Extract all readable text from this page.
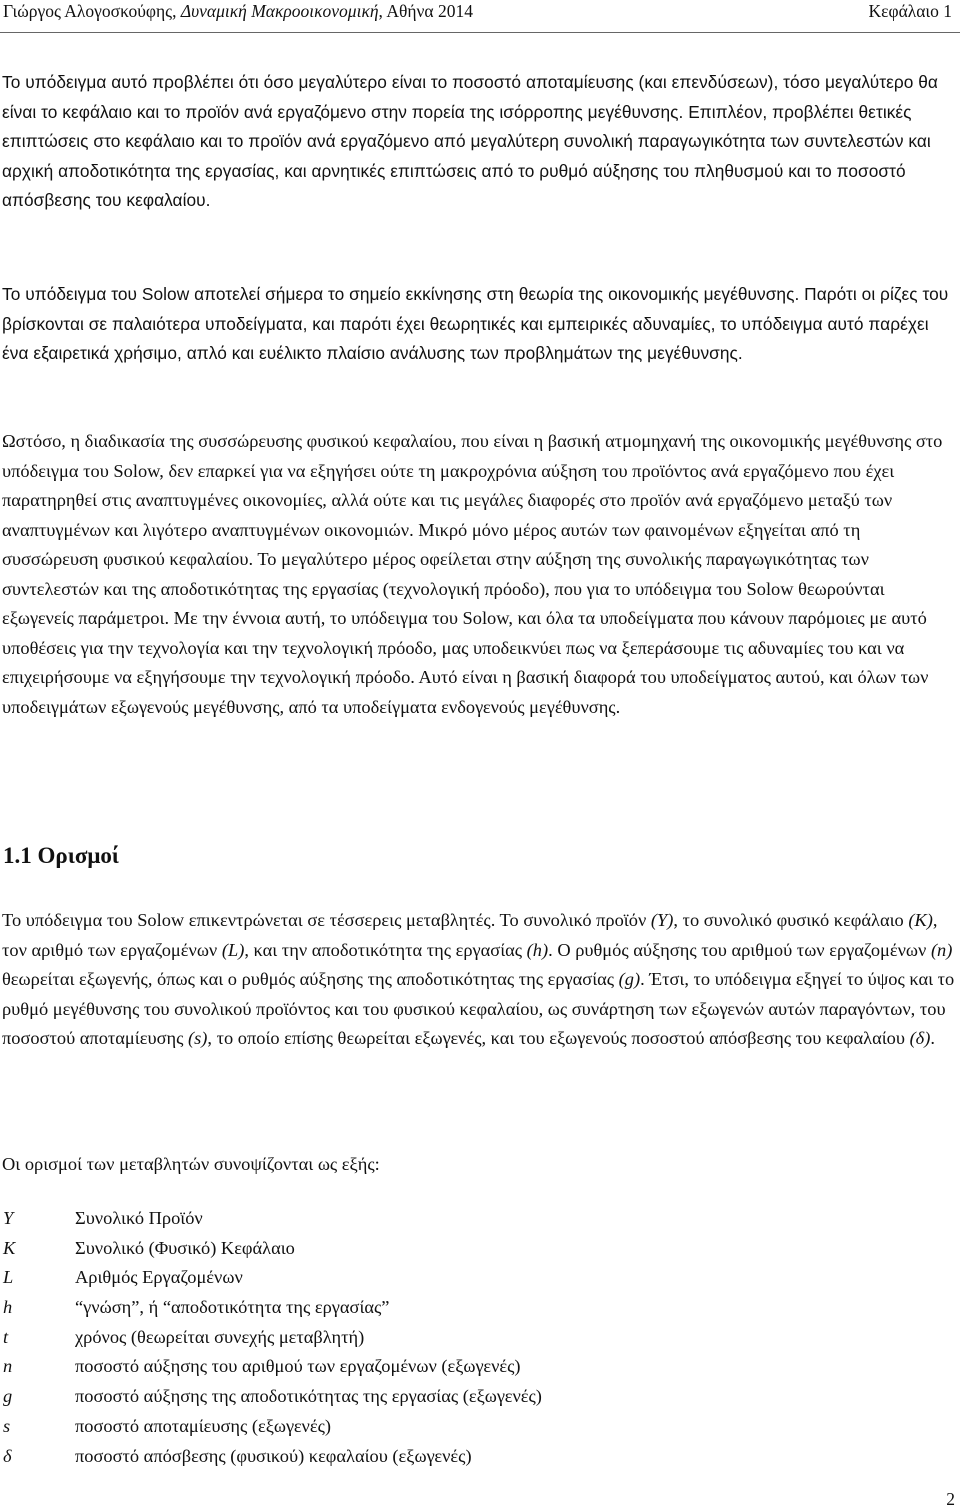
Γιώργος Αλογοσκούφης, Δυναμική Μακροοικονομική, Αθήνα 2014	Κεφάλαιο 1

Το υπόδειγμα αυτό προβλέπει ότι όσο μεγαλύτερο είναι το ποσοστό αποταμίευσης (και επενδύσεων), τόσο μεγαλύτερο θα είναι το κεφάλαιο και το προϊόν ανά εργαζόμενο στην πορεία της ισόρροπης μεγέθυνσης. Επιπλέον, προβλέπει θετικές επιπτώσεις στο κεφάλαιο και το προϊόν ανά εργαζόμενο από μεγαλύτερη συνολική παραγωγικότητα των συντελεστών και αρχική αποδοτικότητα της εργασίας, και αρνητικές επιπτώσεις από το ρυθμό αύξησης του πληθυσμού και το ποσοστό απόσβεσης του κεφαλαίου.

Το υπόδειγμα του Solow αποτελεί σήμερα το σημείο εκκίνησης στη θεωρία της οικονομικής μεγέθυνσης. Παρότι οι ρίζες του βρίσκονται σε παλαιότερα υποδείγματα, και παρότι έχει θεωρητικές και εμπειρικές αδυναμίες, το υπόδειγμα αυτό παρέχει ένα εξαιρετικά χρήσιμο, απλό και ευέλικτο πλαίσιο ανάλυσης των προβλημάτων της μεγέθυνσης.

Ωστόσο, η διαδικασία της συσσώρευσης φυσικού κεφαλαίου, που είναι η βασική ατμομηχανή της οικονομικής μεγέθυνσης στο υπόδειγμα του Solow, δεν επαρκεί για να εξηγήσει ούτε τη μακροχρόνια αύξηση του προϊόντος ανά εργαζόμενο που έχει παρατηρηθεί στις αναπτυγμένες οικονομίες, αλλά ούτε και τις μεγάλες διαφορές στο προϊόν ανά εργαζόμενο μεταξύ των αναπτυγμένων και λιγότερο αναπτυγμένων οικονομιών. Μικρό μόνο μέρος αυτών των φαινομένων εξηγείται από τη συσσώρευση φυσικού κεφαλαίου. Το μεγαλύτερο μέρος οφείλεται στην αύξηση της συνολικής παραγωγικότητας των συντελεστών και της αποδοτικότητας της εργασίας (τεχνολογική πρόοδο), που για το υπόδειγμα του Solow θεωρούνται εξωγενείς παράμετροι. Με την έννοια αυτή, το υπόδειγμα του Solow, και όλα τα υποδείγματα που κάνουν παρόμοιες με αυτό υποθέσεις για την τεχνολογία και την τεχνολογική πρόοδο, μας υποδεικνύει πως να ξεπεράσουμε τις αδυναμίες του και να επιχειρήσουμε να εξηγήσουμε την τεχνολογική πρόοδο. Αυτό είναι η βασική διαφορά του υποδείγματος αυτού, και όλων των υποδειγμάτων εξωγενούς μεγέθυνσης, από τα υποδείγματα ενδογενούς μεγέθυνσης.

1.1 Ορισμοί

Το υπόδειγμα του Solow επικεντρώνεται σε τέσσερεις μεταβλητές. Το συνολικό προϊόν (Y), το συνολικό φυσικό κεφάλαιο (K), τον αριθμό των εργαζομένων (L), και την αποδοτικότητα της εργασίας (h). Ο ρυθμός αύξησης του αριθμού των εργαζομένων (n) θεωρείται εξωγενής, όπως και ο ρυθμός αύξησης της αποδοτικότητας της εργασίας (g). Έτσι, το υπόδειγμα εξηγεί το ύψος και το ρυθμό μεγέθυνσης του συνολικού προϊόντος και του φυσικού κεφαλαίου, ως συνάρτηση των εξωγενών αυτών παραγόντων, του ποσοστού αποταμίευσης (s), το οποίο επίσης θεωρείται εξωγενές, και του εξωγενούς ποσοστού απόσβεσης του κεφαλαίου (δ).

Οι ορισμοί των μεταβλητών συνοψίζονται ως εξής:

Y	Συνολικό Προϊόν
K	Συνολικό (Φυσικό) Κεφάλαιο
L	Αριθμός Εργαζομένων
h	“γνώση”, ή “αποδοτικότητα της εργασίας”
t	χρόνος (θεωρείται συνεχής μεταβλητή)
n	ποσοστό αύξησης του αριθμού των εργαζομένων (εξωγενές)
g	ποσοστό αύξησης της αποδοτικότητας της εργασίας (εξωγενές)
s	ποσοστό αποταμίευσης (εξωγενές)
δ	ποσοστό απόσβεσης (φυσικού) κεφαλαίου (εξωγενές)
2
